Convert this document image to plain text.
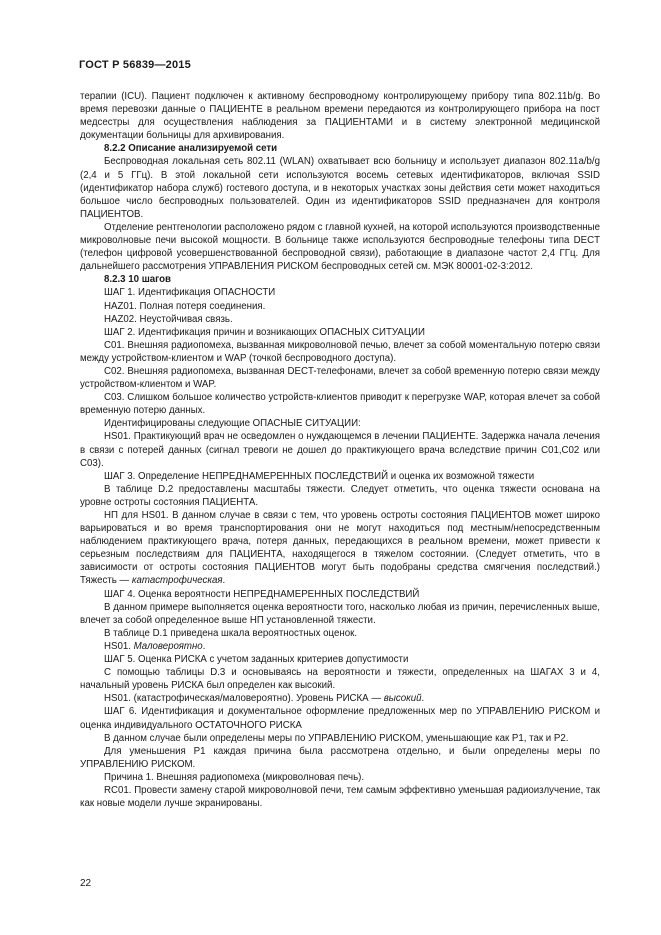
ГОСТ Р 56839—2015

терапии (ICU). Пациент подключен к активному беспроводному контролирующему прибору типа 802.11b/g. Во время перевозки данные о ПАЦИЕНТЕ в реальном времени передаются из контролирующего прибора на пост медсестры для осуществления наблюдения за ПАЦИЕНТАМИ и в систему электронной медицинской документации больницы для архивирования.

8.2.2 Описание анализируемой сети

Беспроводная локальная сеть 802.11 (WLAN) охватывает всю больницу и использует диапазон 802.11a/b/g (2,4 и 5 ГГц). В этой локальной сети используются восемь сетевых идентификаторов, включая SSID (идентификатор набора служб) гостевого доступа, и в некоторых участках зоны действия сети может находиться большое число беспроводных пользователей. Один из идентификаторов SSID предназначен для контроля ПАЦИЕНТОВ.

Отделение рентгенологии расположено рядом с главной кухней, на которой используются производственные микроволновые печи высокой мощности. В больнице также используются беспроводные телефоны типа DECT (телефон цифровой усовершенствованной беспроводной связи), работающие в диапазоне частот 2,4 ГГц. Для дальнейшего рассмотрения УПРАВЛЕНИЯ РИСКОМ беспроводных сетей см. МЭК 80001-02-3:2012.

8.2.3 10 шагов

ШАГ 1. Идентификация ОПАСНОСТИ

HAZ01. Полная потеря соединения.

HAZ02. Неустойчивая связь.

ШАГ 2. Идентификация причин и возникающих ОПАСНЫХ СИТУАЦИИ

С01. Внешняя радиопомеха, вызванная микроволновой печью, влечет за собой моментальную потерю связи между устройством-клиентом и WAP (точкой беспроводного доступа).

С02. Внешняя радиопомеха, вызванная DECT-телефонами, влечет за собой временную потерю связи между устройством-клиентом и WAP.

С03. Слишком большое количество устройств-клиентов приводит к перегрузке WAP, которая влечет за собой временную потерю данных.

Идентифицированы следующие ОПАСНЫЕ СИТУАЦИИ:

HS01. Практикующий врач не осведомлен о нуждающемся в лечении ПАЦИЕНТЕ. Задержка начала лечения в связи с потерей данных (сигнал тревоги не дошел до практикующего врача вследствие причин С01,С02 или С03).

ШАГ 3. Определение НЕПРЕДНАМЕРЕННЫХ ПОСЛЕДСТВИЙ и оценка их возможной тяжести

В таблице D.2 предоставлены масштабы тяжести. Следует отметить, что оценка тяжести основана на уровне остроты состояния ПАЦИЕНТА.

НП для HS01. В данном случае в связи с тем, что уровень остроты состояния ПАЦИЕНТОВ может широко варьироваться и во время транспортирования они не могут находиться под местным/непосредственным наблюдением практикующего врача, потеря данных, передающихся в реальном времени, может привести к серьезным последствиям для ПАЦИЕНТА, находящегося в тяжелом состоянии. (Следует отметить, что в зависимости от остроты состояния ПАЦИЕНТОВ могут быть подобраны средства смягчения последствий.) Тяжесть — катастрофическая.

ШАГ 4. Оценка вероятности НЕПРЕДНАМЕРЕННЫХ ПОСЛЕДСТВИЙ

В данном примере выполняется оценка вероятности того, насколько любая из причин, перечисленных выше, влечет за собой определенное выше НП установленной тяжести.

В таблице D.1 приведена шкала вероятностных оценок.

HS01. Маловероятно.

ШАГ 5. Оценка РИСКА с учетом заданных критериев допустимости

С помощью таблицы D.3 и основываясь на вероятности и тяжести, определенных на ШАГАХ 3 и 4, начальный уровень РИСКА был определен как высокий.

HS01. (катастрофическая/маловероятно). Уровень РИСКА — высокий.

ШАГ 6. Идентификация и документальное оформление предложенных мер по УПРАВЛЕНИЮ РИСКОМ и оценка индивидуального ОСТАТОЧНОГО РИСКА

В данном случае были определены меры по УПРАВЛЕНИЮ РИСКОМ, уменьшающие как Р1, так и Р2.

Для уменьшения Р1 каждая причина была рассмотрена отдельно, и были определены меры по УПРАВЛЕНИЮ РИСКОМ.

Причина 1. Внешняя радиопомеха (микроволновая печь).

RC01. Провести замену старой микроволновой печи, тем самым эффективно уменьшая радиоизлучение, так как новые модели лучше экранированы.

22
